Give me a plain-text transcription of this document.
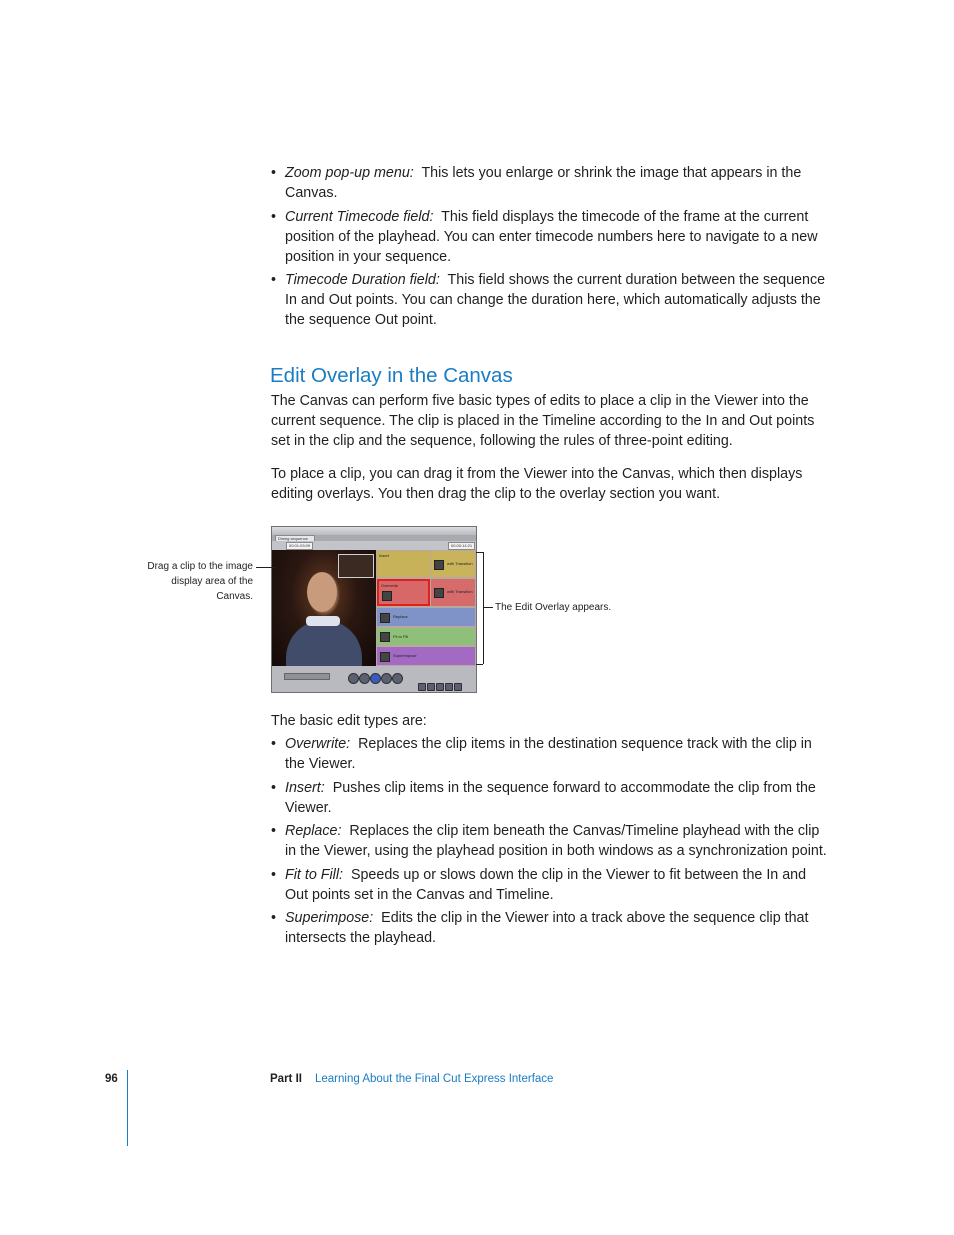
• Zoom pop-up menu: This lets you enlarge or shrink the image that appears in the Canvas.
• Current Timecode field: This field displays the timecode of the frame at the current position of the playhead. You can enter timecode numbers here to navigate to a new position in your sequence.
• Timecode Duration field: This field shows the current duration between the sequence In and Out points. You can change the duration here, which automatically adjusts the the sequence Out point.
Edit Overlay in the Canvas

The Canvas can perform five basic types of edits to place a clip in the Viewer into the current sequence. The clip is placed in the Timeline according to the In and Out points set in the clip and the sequence, following the rules of three-point editing.

To place a clip, you can drag it from the Viewer into the Canvas, which then displays editing overlays. You then drag the clip to the overlay section you want.

Dining sequence
00:01:03:09	00:00:14:21
Insert
with Transition
Overwrite
with Transition
Replace
Fit to Fill
Superimpose
Drag a clip to the image display area of the Canvas.
The Edit Overlay appears.

The basic edit types are:

• Overwrite: Replaces the clip items in the destination sequence track with the clip in the Viewer.
• Insert: Pushes clip items in the sequence forward to accommodate the clip from the Viewer.
• Replace: Replaces the clip item beneath the Canvas/Timeline playhead with the clip in the Viewer, using the playhead position in both windows as a synchronization point.
• Fit to Fill: Speeds up or slows down the clip in the Viewer to fit between the In and Out points set in the Canvas and Timeline.
• Superimpose: Edits the clip in the Viewer into a track above the sequence clip that intersects the playhead.
96	Part II Learning About the Final Cut Express Interface
